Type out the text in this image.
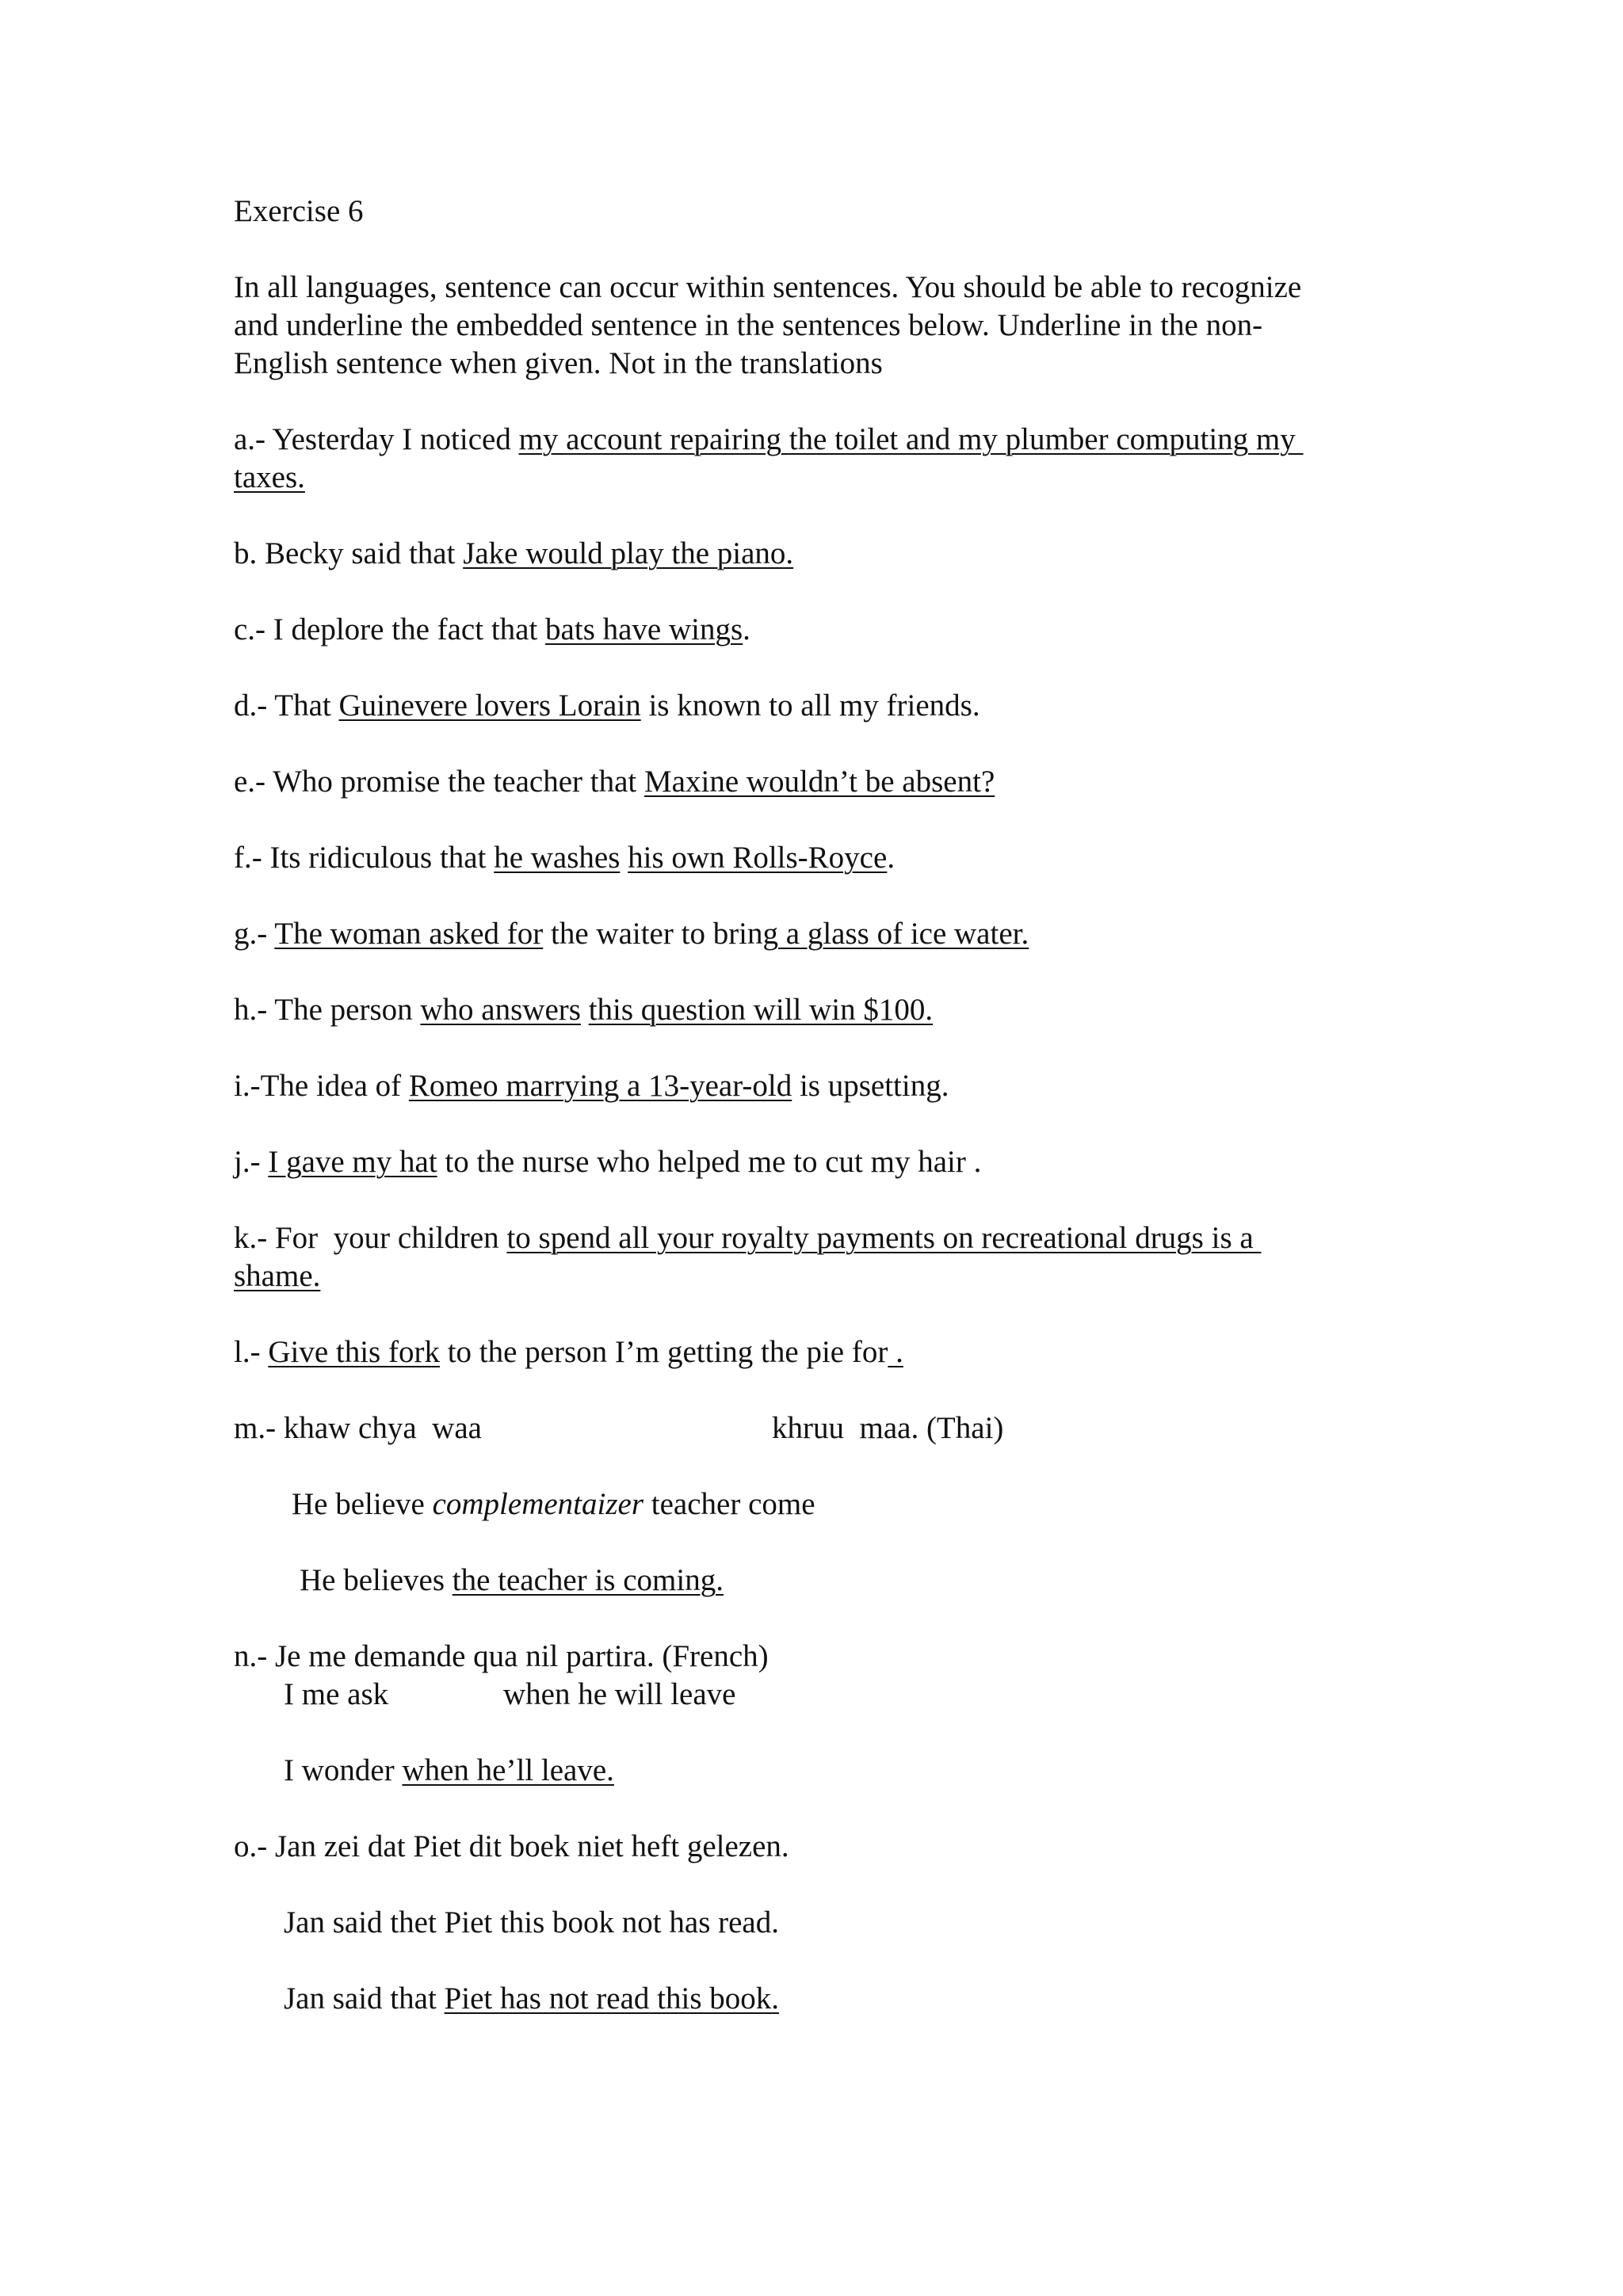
Exercise 6
In all languages, sentence can occur within sentences. You should be able to recognize
and underline the embedded sentence in the sentences below. Underline in the non-
English sentence when given. Not in the translations
a.- Yesterday I noticed my account repairing the toilet and my plumber computing my
taxes.
b. Becky said that Jake would play the piano.
c.- I deplore the fact that bats have wings.
d.- That Guinevere lovers Lorain is known to all my friends.
e.- Who promise the teacher that Maxine wouldn’t be absent?
f.- Its ridiculous that he washes his own Rolls-Royce.
g.- The woman asked for the waiter to bring a glass of ice water.
h.- The person who answers this question will win $100.
i.-The idea of Romeo marrying a 13-year-old is upsetting.
j.- I gave my hat to the nurse who helped me to cut my hair .
k.- For  your children to spend all your royalty payments on recreational drugs is a
shame.
l.- Give this fork to the person I’m getting the pie for .
m.- khaw chya  waa	khruu  maa. (Thai)
He believe complementaizer teacher come
He believes the teacher is coming.
n.- Je me demande qua nil partira. (French)
I me ask	when he will leave
I wonder when he’ll leave.
o.- Jan zei dat Piet dit boek niet heft gelezen.
Jan said thet Piet this book not has read.
Jan said that Piet has not read this book.
